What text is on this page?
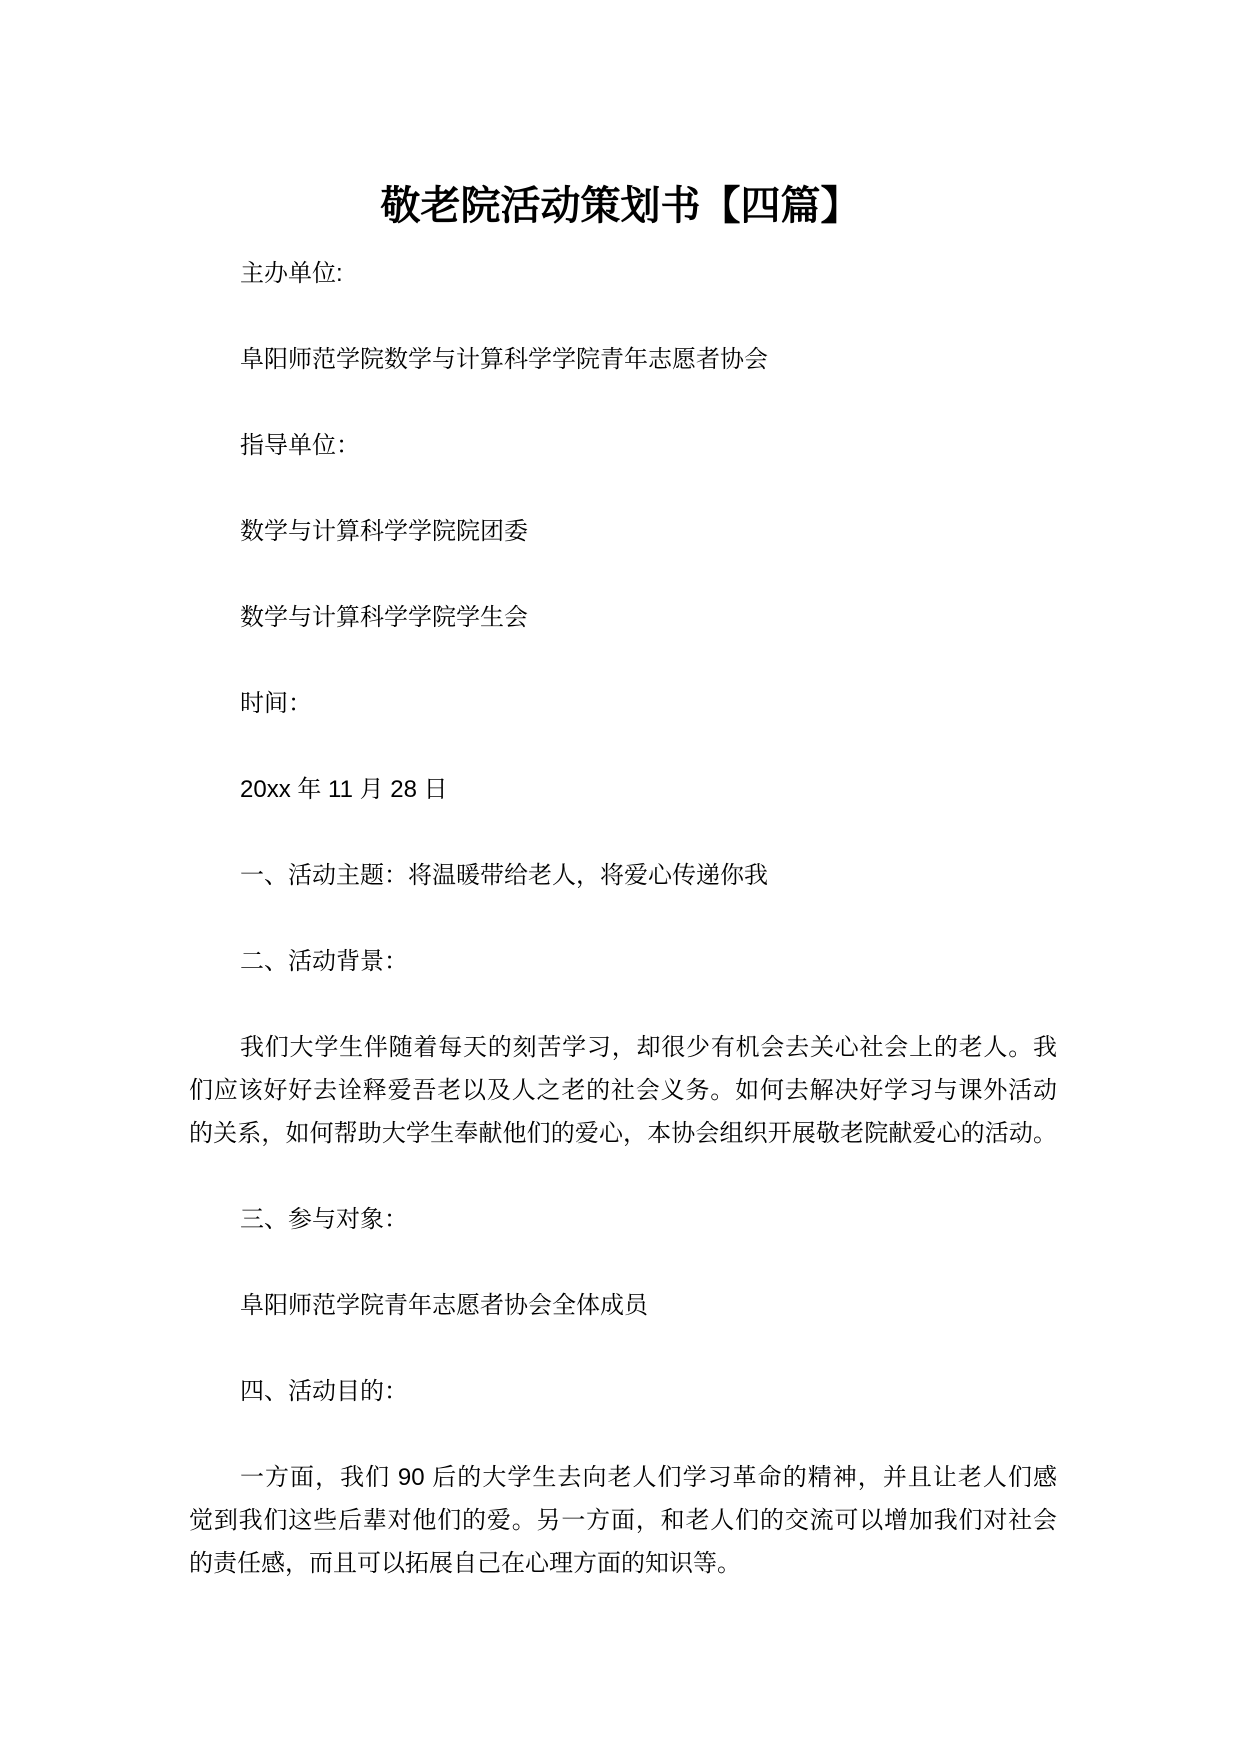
敬老院活动策划书【四篇】
主办单位:
阜阳师范学院数学与计算科学学院青年志愿者协会
指导单位：
数学与计算科学学院院团委
数学与计算科学学院学生会
时间：
20xx 年 11 月 28 日
一、活动主题：将温暖带给老人，将爱心传递你我
二、活动背景：
我们大学生伴随着每天的刻苦学习，却很少有机会去关心社会上的老人。我
们应该好好去诠释爱吾老以及人之老的社会义务。如何去解决好学习与课外活动
的关系，如何帮助大学生奉献他们的爱心，本协会组织开展敬老院献爱心的活动。
三、参与对象：
阜阳师范学院青年志愿者协会全体成员
四、活动目的：
一方面，我们 90 后的大学生去向老人们学习革命的精神，并且让老人们感
觉到我们这些后辈对他们的爱。另一方面，和老人们的交流可以增加我们对社会
的责任感，而且可以拓展自己在心理方面的知识等。
